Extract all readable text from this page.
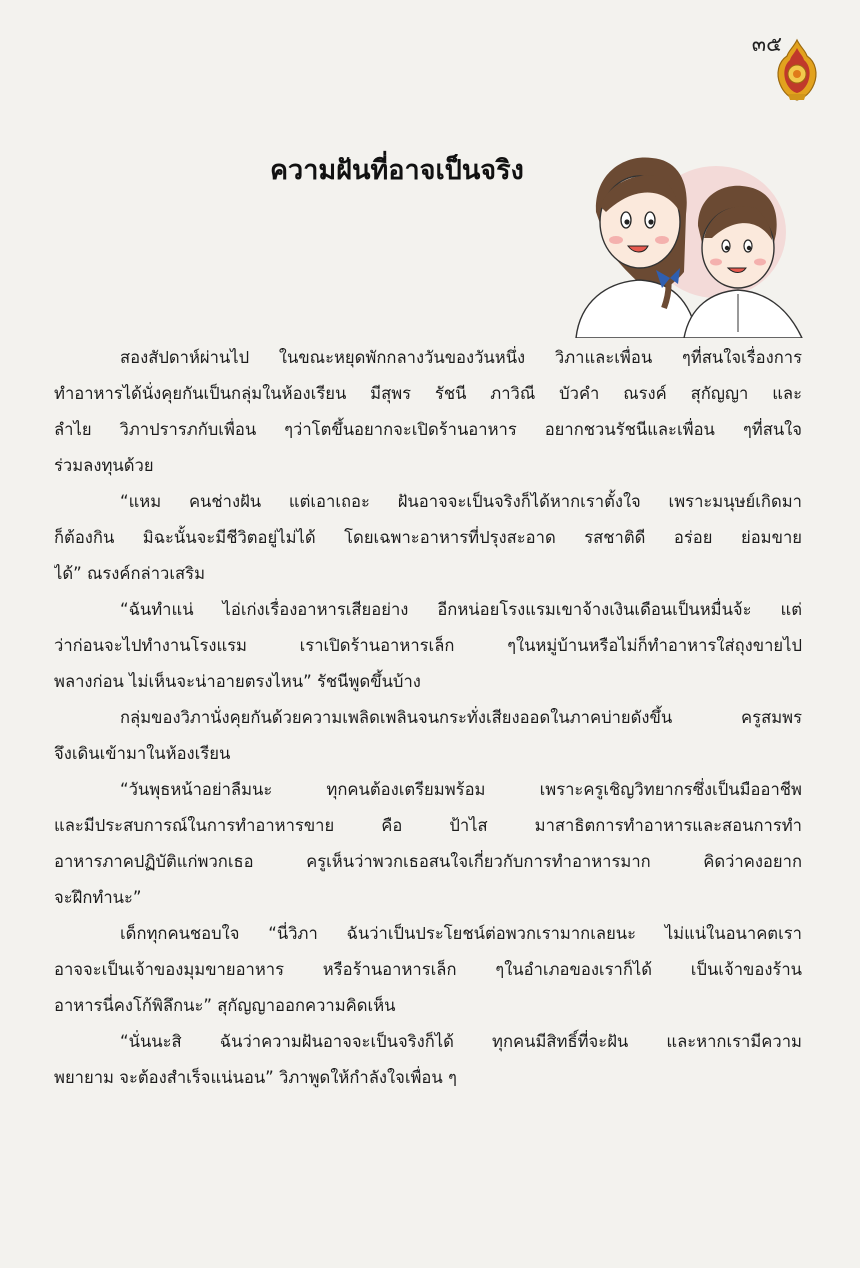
๓๕
ความฝันที่อาจเป็นจริง
สองสัปดาห์ผ่านไป ในขณะหยุดพักกลางวันของวันหนึ่ง วิภาและเพื่อน ๆที่สนใจเรื่องการ
ทำอาหารได้นั่งคุยกันเป็นกลุ่มในห้องเรียน มีสุพร รัชนี ภาวิณี บัวคำ ณรงค์ สุกัญญา และ
ลำไย วิภาปรารภกับเพื่อน ๆว่าโตขึ้นอยากจะเปิดร้านอาหาร อยากชวนรัชนีและเพื่อน ๆที่สนใจ
ร่วมลงทุนด้วย
“แหม คนช่างฝัน แต่เอาเถอะ ฝันอาจจะเป็นจริงก็ได้หากเราตั้งใจ เพราะมนุษย์เกิดมา
ก็ต้องกิน มิฉะนั้นจะมีชีวิตอยู่ไม่ได้ โดยเฉพาะอาหารที่ปรุงสะอาด รสชาติดี อร่อย ย่อมขาย
ได้” ณรงค์กล่าวเสริม
“ฉันทำแน่ ไอ่เก่งเรื่องอาหารเสียอย่าง อีกหน่อยโรงแรมเขาจ้างเงินเดือนเป็นหมื่นจ้ะ แต่
ว่าก่อนจะไปทำงานโรงแรม เราเปิดร้านอาหารเล็ก ๆในหมู่บ้านหรือไม่ก็ทำอาหารใส่ถุงขายไป
พลางก่อน ไม่เห็นจะน่าอายตรงไหน” รัชนีพูดขึ้นบ้าง
กลุ่มของวิภานั่งคุยกันด้วยความเพลิดเพลินจนกระทั่งเสียงออดในภาคบ่ายดังขึ้น ครูสมพร
จึงเดินเข้ามาในห้องเรียน
“วันพุธหน้าอย่าลืมนะ ทุกคนต้องเตรียมพร้อม เพราะครูเชิญวิทยากรซึ่งเป็นมืออาชีพ
และมีประสบการณ์ในการทำอาหารขาย คือ ป้าไส มาสาธิตการทำอาหารและสอนการทำ
อาหารภาคปฏิบัติแก่พวกเธอ ครูเห็นว่าพวกเธอสนใจเกี่ยวกับการทำอาหารมาก คิดว่าคงอยาก
จะฝึกทำนะ”
เด็กทุกคนชอบใจ “นี่วิภา ฉันว่าเป็นประโยชน์ต่อพวกเรามากเลยนะ ไม่แน่ในอนาคตเรา
อาจจะเป็นเจ้าของมุมขายอาหาร หรือร้านอาหารเล็ก ๆในอำเภอของเราก็ได้ เป็นเจ้าของร้าน
อาหารนี่คงโก้พิลึกนะ” สุกัญญาออกความคิดเห็น
“นั่นนะสิ ฉันว่าความฝันอาจจะเป็นจริงก็ได้ ทุกคนมีสิทธิ์ที่จะฝัน และหากเรามีความ
พยายาม จะต้องสำเร็จแน่นอน” วิภาพูดให้กำลังใจเพื่อน ๆ
